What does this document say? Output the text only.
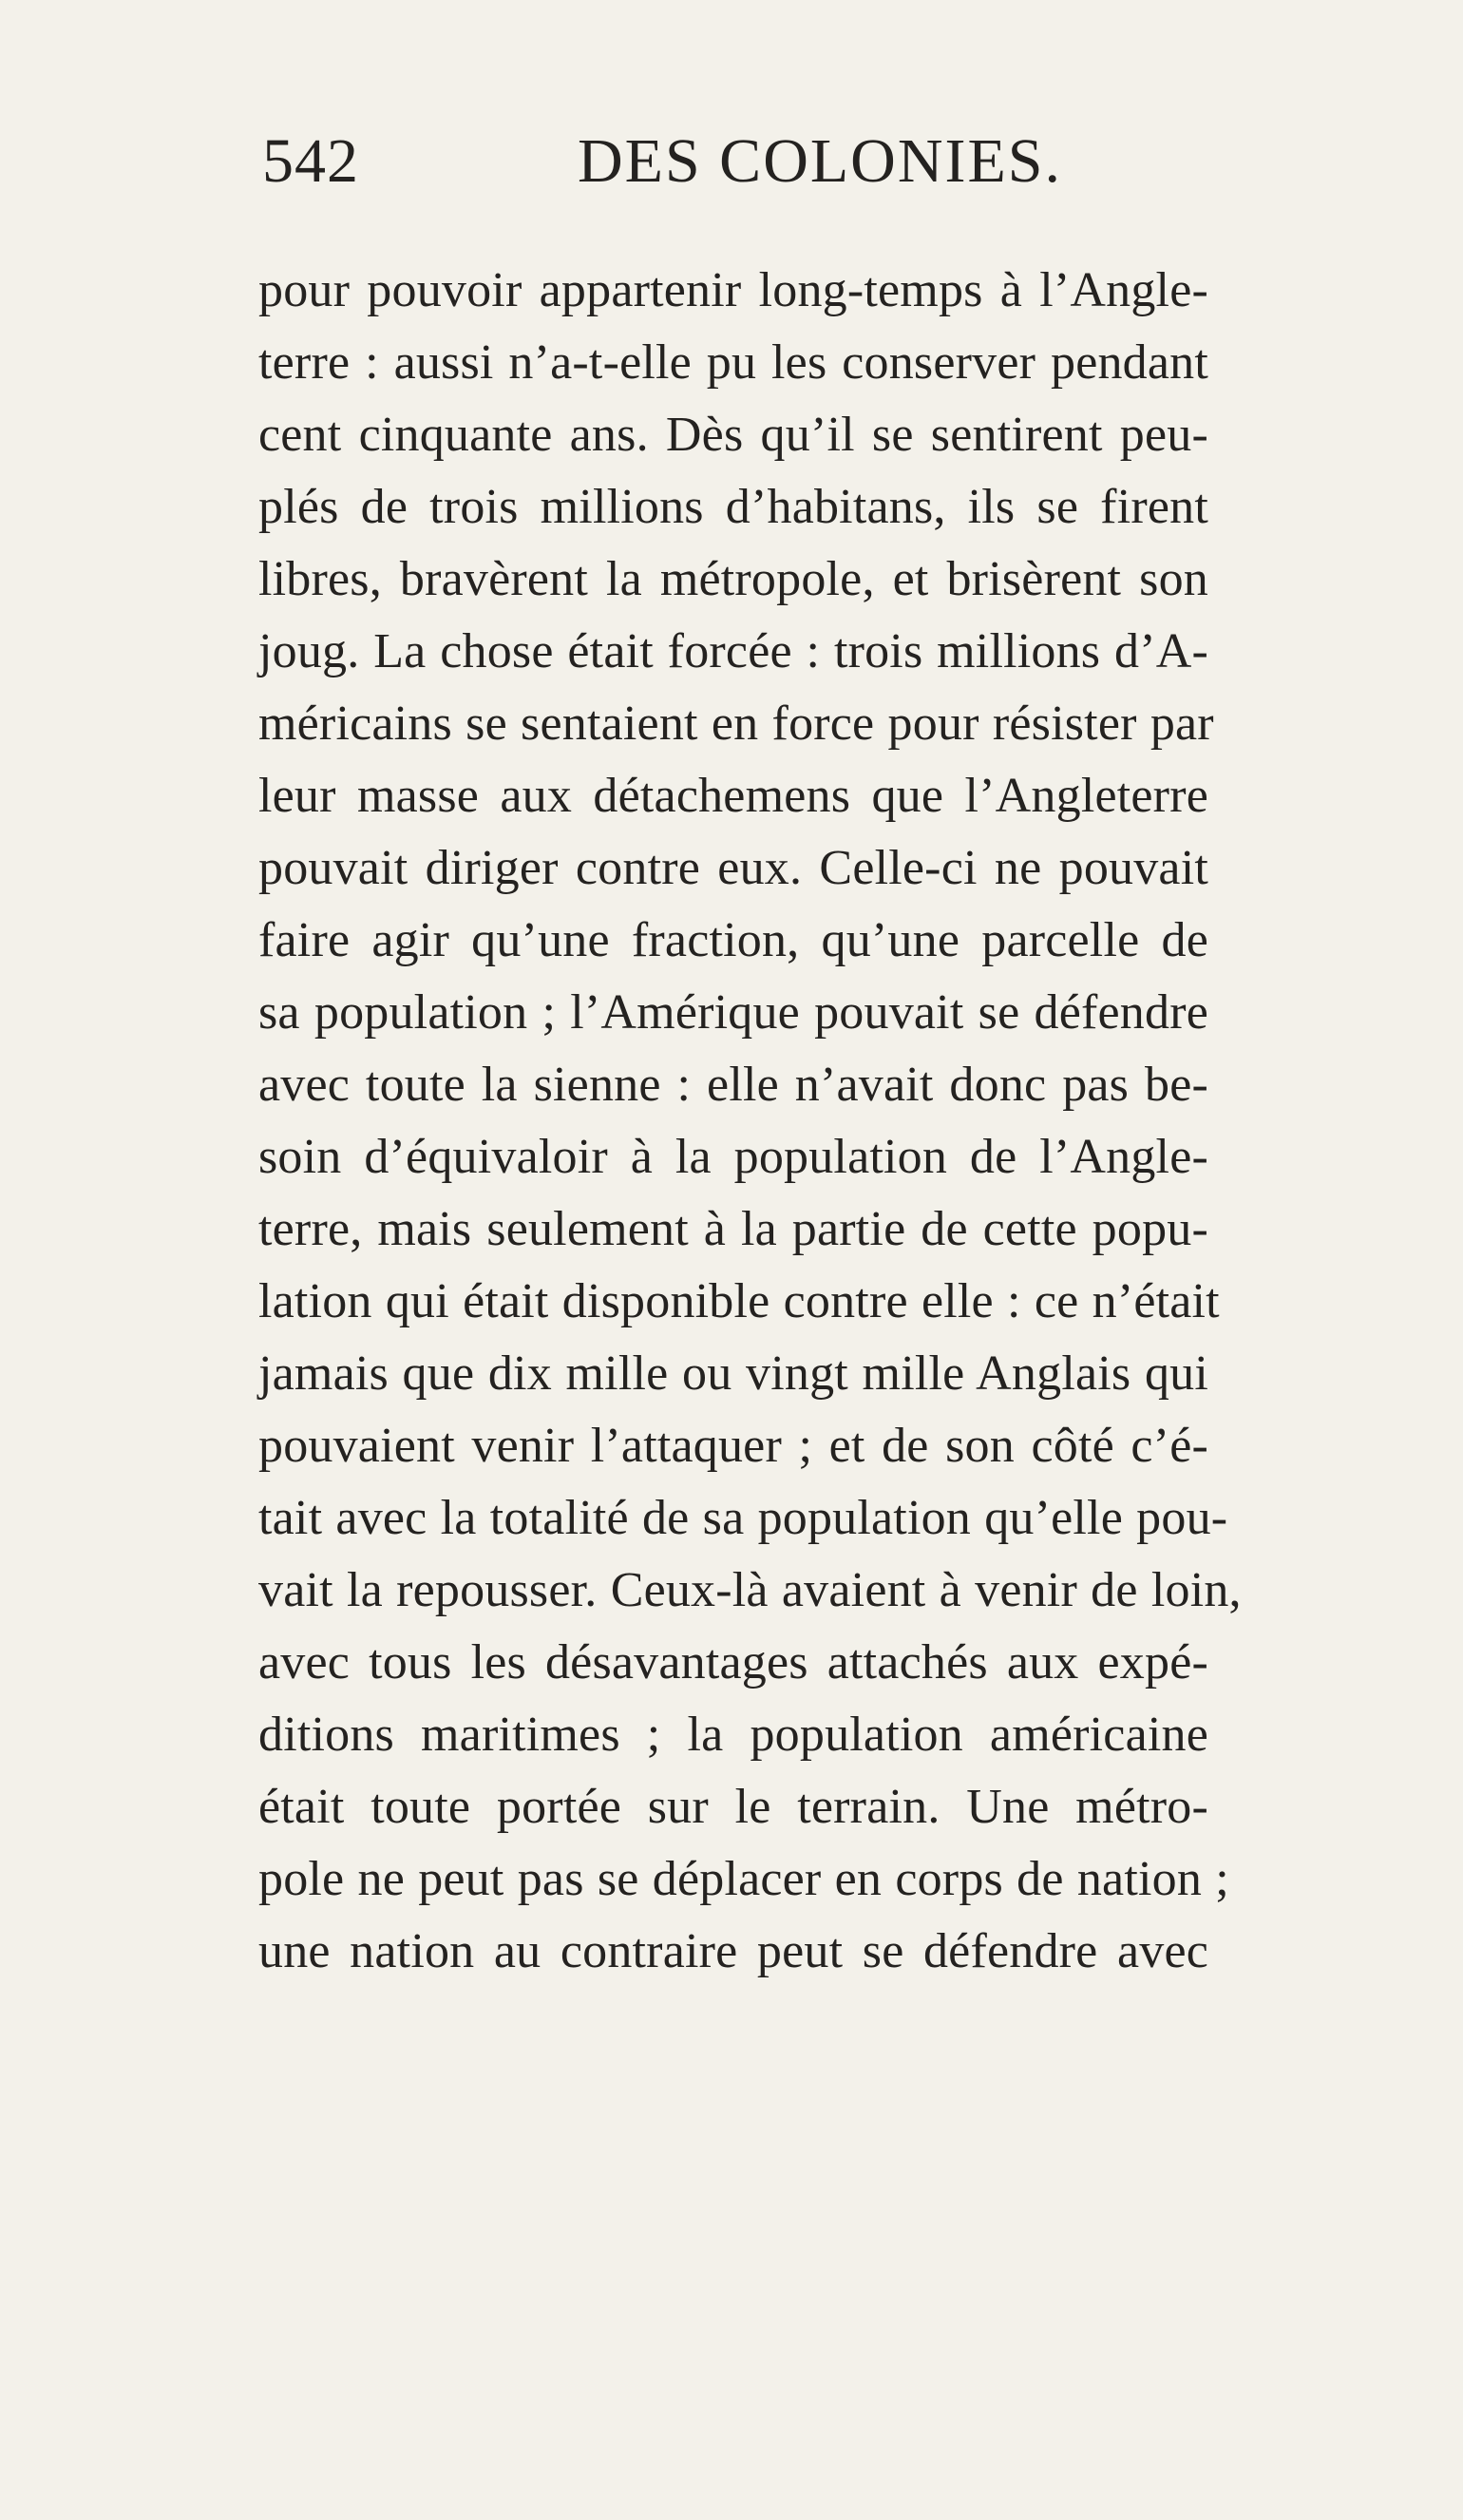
542	DES COLONIES.
pour pouvoir appartenir long-temps à l’Angle-
terre : aussi n’a-t-elle pu les conserver pendant
cent cinquante ans. Dès qu’il se sentirent peu-
plés de trois millions d’habitans, ils se firent
libres, bravèrent la métropole, et brisèrent son
joug. La chose était forcée : trois millions d’A-
méricains se sentaient en force pour résister par
leur masse aux détachemens que l’Angleterre
pouvait diriger contre eux. Celle-ci ne pouvait
faire agir qu’une fraction, qu’une parcelle de
sa population ; l’Amérique pouvait se défendre
avec toute la sienne : elle n’avait donc pas be-
soin d’équivaloir à la population de l’Angle-
terre, mais seulement à la partie de cette popu-
lation qui était disponible contre elle : ce n’était
jamais que dix mille ou vingt mille Anglais qui
pouvaient venir l’attaquer ; et de son côté c’é-
tait avec la totalité de sa population qu’elle pou-
vait la repousser. Ceux-là avaient à venir de loin,
avec tous les désavantages attachés aux expé-
ditions maritimes ; la population américaine
était toute portée sur le terrain. Une métro-
pole ne peut pas se déplacer en corps de nation ;
une nation au contraire peut se défendre avec
